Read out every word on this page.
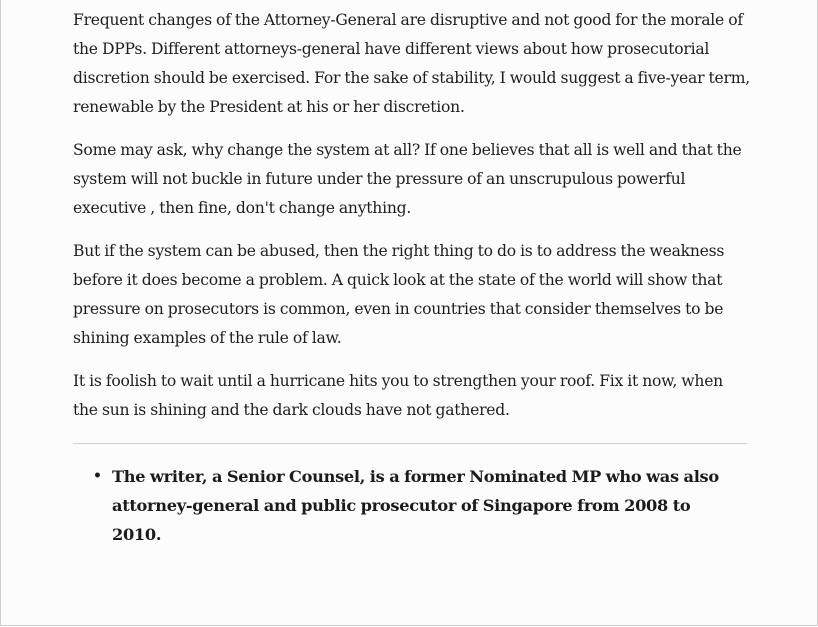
Frequent changes of the Attorney-General are disruptive and not good for the morale of the DPPs. Different attorneys-general have different views about how prosecutorial discretion should be exercised. For the sake of stability, I would suggest a five-year term, renewable by the President at his or her discretion.

Some may ask, why change the system at all? If one believes that all is well and that the system will not buckle in future under the pressure of an unscrupulous powerful executive , then fine, don't change anything.

But if the system can be abused, then the right thing to do is to address the weakness before it does become a problem. A quick look at the state of the world will show that pressure on prosecutors is common, even in countries that consider themselves to be shining examples of the rule of law.

It is foolish to wait until a hurricane hits you to strengthen your roof. Fix it now, when the sun is shining and the dark clouds have not gathered.

• The writer, a Senior Counsel, is a former Nominated MP who was also attorney-general and public prosecutor of Singapore from 2008 to 2010.
